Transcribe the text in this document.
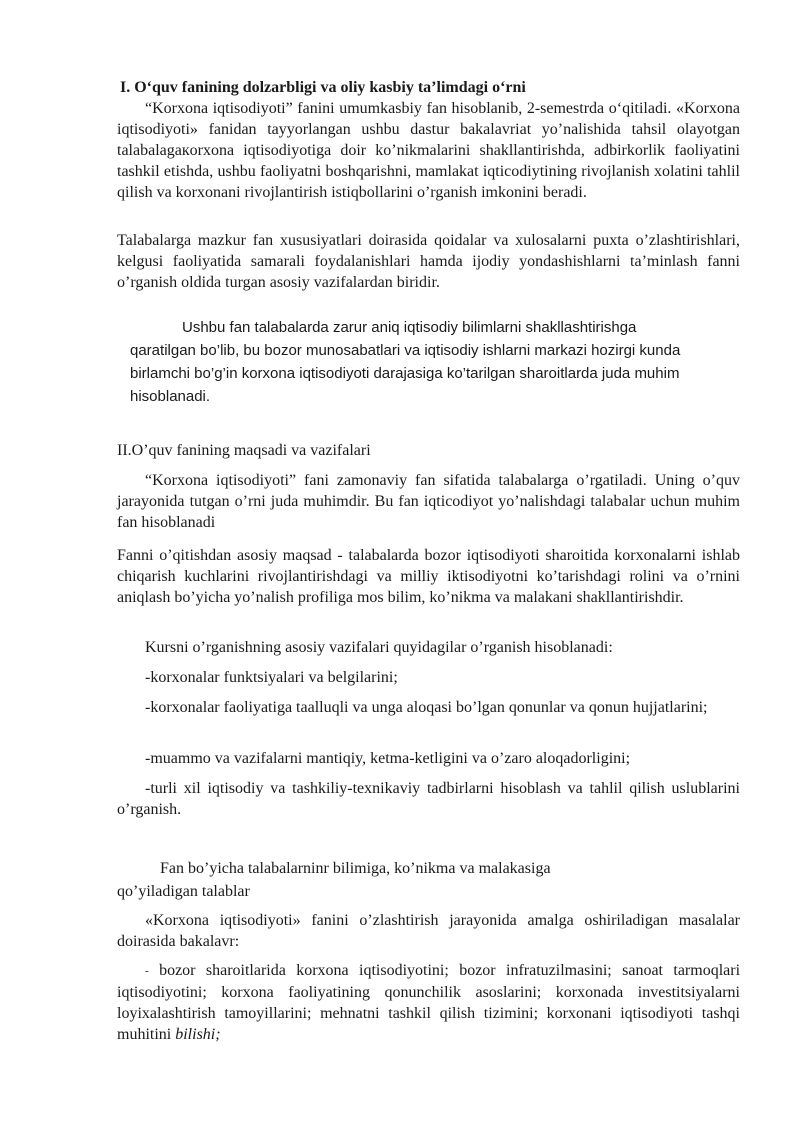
I. O‘quv fanining dolzarbligi va oliy kasbiy ta’limdagi o‘rni

“Korxona iqtisodiyoti” fanini umumkasbiy fan hisoblanib, 2-semestrda o‘qitiladi. «Korxona iqtisodiyoti» fanidan tayyorlangan ushbu dastur bakalavriat yo’nalishida tahsil olayotgan talabalagaкorxona iqtisodiyotiga doir ko’nikmalarini shakllantirishda, adbirkorlik faoliyatini tashkil etishda, ushbu faoliyatni boshqarishni, mamlakat iqticodiytining rivojlanish xolatini tahlil qilish va korxonani rivojlantirish istiqbollarini o’rganish imkonini beradi.

Talabalarga mazkur fan xususiyatlari doirasida qoidalar va xulosalarni puxta o’zlashtirishlari, kelgusi faoliyatida samarali foydalanishlari hamda ijodiy yondashishlarni ta’minlash fanni o’rganish oldida turgan asosiy vazifalardan biridir.

Ushbu fan talabalarda zarur aniq iqtisodiy bilimlarni shakllashtirishga
qaratilgan bo’lib, bu bozor munosabatlari va iqtisodiy ishlarni markazi hozirgi kunda birlamchi bo’g’in korxona iqtisodiyoti darajasiga ko’tarilgan sharoitlarda juda muhim hisoblanadi.

II.O’quv fanining maqsadi va vazifalari

“Korxona iqtisodiyoti” fani zamonaviy fan sifatida talabalarga o’rgatiladi. Uning o’quv jarayonida tutgan o’rni juda muhimdir. Bu fan iqticodiyot yo’nalishdagi talabalar uchun muhim fan hisoblanadi

Fanni o’qitishdan asosiy maqsad - talabalarda bozor iqtisodiyoti sharoitida korxonalarni ishlab chiqarish kuchlarini rivojlantirishdagi va milliy iktisodiyotni ko’tarishdagi rolini va o’rnini aniqlash bo’yicha yo’nalish profiliga mos bilim, ko’nikma va malakani shakllantirishdir.

Kursni o’rganishning asosiy vazifalari quyidagilar o’rganish hisoblanadi:

-korxonalar funktsiyalari va belgilarini;

-korxonalar faoliyatiga taalluqli va unga aloqasi bo’lgan qonunlar va qonun hujjatlarini;

-muammo va vazifalarni mantiqiy, ketma-ketligini va o’zaro aloqadorligini;

-turli xil iqtisodiy va tashkiliy-texnikaviy tadbirlarni hisoblash va tahlil qilish uslublarini o’rganish.

Fan bo’yicha talabalarninr bilimiga, ko’nikma va malakasiga
qo’yiladigan talablar

«Korxona iqtisodiyoti» fanini o’zlashtirish jarayonida amalga oshiriladigan masalalar doirasida bakalavr:

- bozor sharoitlarida korxona iqtisodiyotini; bozor infratuzilmasini; sanoat tarmoqlari iqtisodiyotini; korxona faoliyatining qonunchilik asoslarini; korxonada investitsiyalarni loyixalashtirish tamoyillarini; mehnatni tashkil qilish tizimini; korxonani iqtisodiyoti tashqi muhitini bilishi;
